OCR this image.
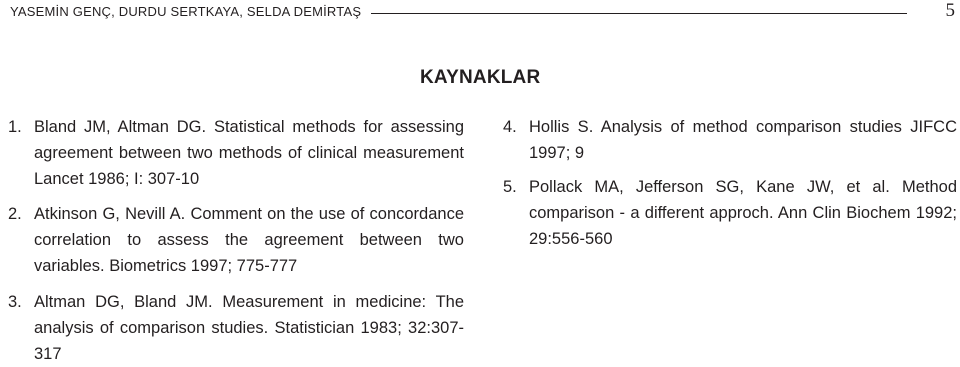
YASEMİN GENÇ, DURDU SERTKAYA, SELDA DEMİRTAŞ	5
KAYNAKLAR
1. Bland JM, Altman DG. Statistical methods for assessing agreement between two methods of clinical measurement Lancet 1986; I: 307-10
2. Atkinson G, Nevill A. Comment on the use of concordance correlation to assess the agreement between two variables. Biometrics 1997; 775-777
3. Altman DG, Bland JM. Measurement in medicine: The analysis of comparison studies. Statistician 1983; 32:307-317
4. Hollis S. Analysis of method comparison studies JIFCC 1997; 9
5. Pollack MA, Jefferson SG, Kane JW, et al. Method comparison - a different approch. Ann Clin Biochem 1992; 29:556-560
